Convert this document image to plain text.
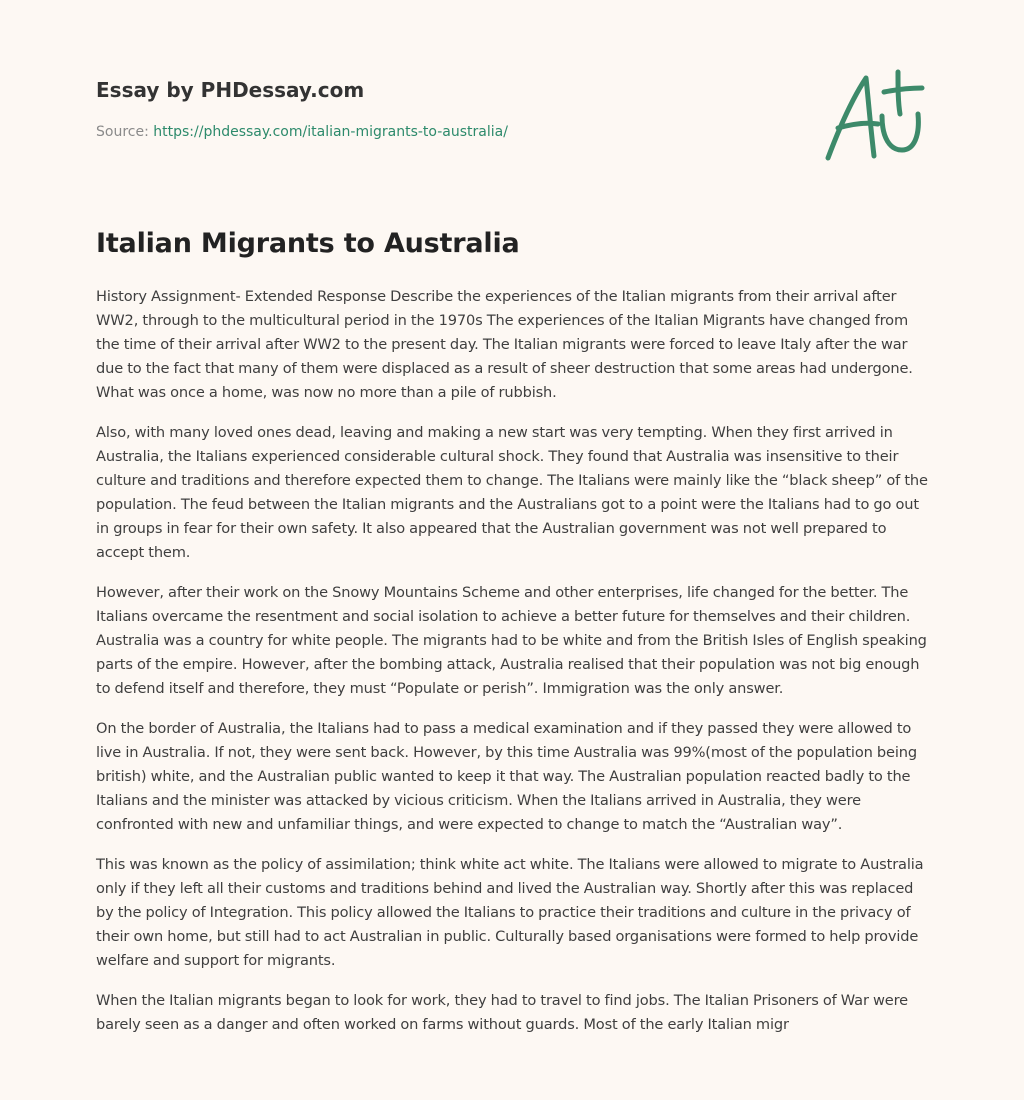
Essay by PHDessay.com
Source: https://phdessay.com/italian-migrants-to-australia/
Italian Migrants to Australia

History Assignment- Extended Response Describe the experiences of the Italian migrants from their arrival after WW2, through to the multicultural period in the 1970s The experiences of the Italian Migrants have changed from the time of their arrival after WW2 to the present day. The Italian migrants were forced to leave Italy after the war due to the fact that many of them were displaced as a result of sheer destruction that some areas had undergone. What was once a home, was now no more than a pile of rubbish.

Also, with many loved ones dead, leaving and making a new start was very tempting. When they first arrived in Australia, the Italians experienced considerable cultural shock. They found that Australia was insensitive to their culture and traditions and therefore expected them to change. The Italians were mainly like the “black sheep” of the population. The feud between the Italian migrants and the Australians got to a point were the Italians had to go out in groups in fear for their own safety. It also appeared that the Australian government was not well prepared to accept them.

However, after their work on the Snowy Mountains Scheme and other enterprises, life changed for the better. The Italians overcame the resentment and social isolation to achieve a better future for themselves and their children. Australia was a country for white people. The migrants had to be white and from the British Isles of English speaking parts of the empire. However, after the bombing attack, Australia realised that their population was not big enough to defend itself and therefore, they must “Populate or perish”. Immigration was the only answer.

On the border of Australia, the Italians had to pass a medical examination and if they passed they were allowed to live in Australia. If not, they were sent back. However, by this time Australia was 99%(most of the population being british) white, and the Australian public wanted to keep it that way. The Australian population reacted badly to the Italians and the minister was attacked by vicious criticism. When the Italians arrived in Australia, they were confronted with new and unfamiliar things, and were expected to change to match the “Australian way”.

This was known as the policy of assimilation; think white act white. The Italians were allowed to migrate to Australia only if they left all their customs and traditions behind and lived the Australian way. Shortly after this was replaced by the policy of Integration. This policy allowed the Italians to practice their traditions and culture in the privacy of their own home, but still had to act Australian in public. Culturally based organisations were formed to help provide welfare and support for migrants.

When the Italian migrants began to look for work, they had to travel to find jobs. The Italian Prisoners of War were barely seen as a danger and often worked on farms without guards. Most of the early Italian migr
